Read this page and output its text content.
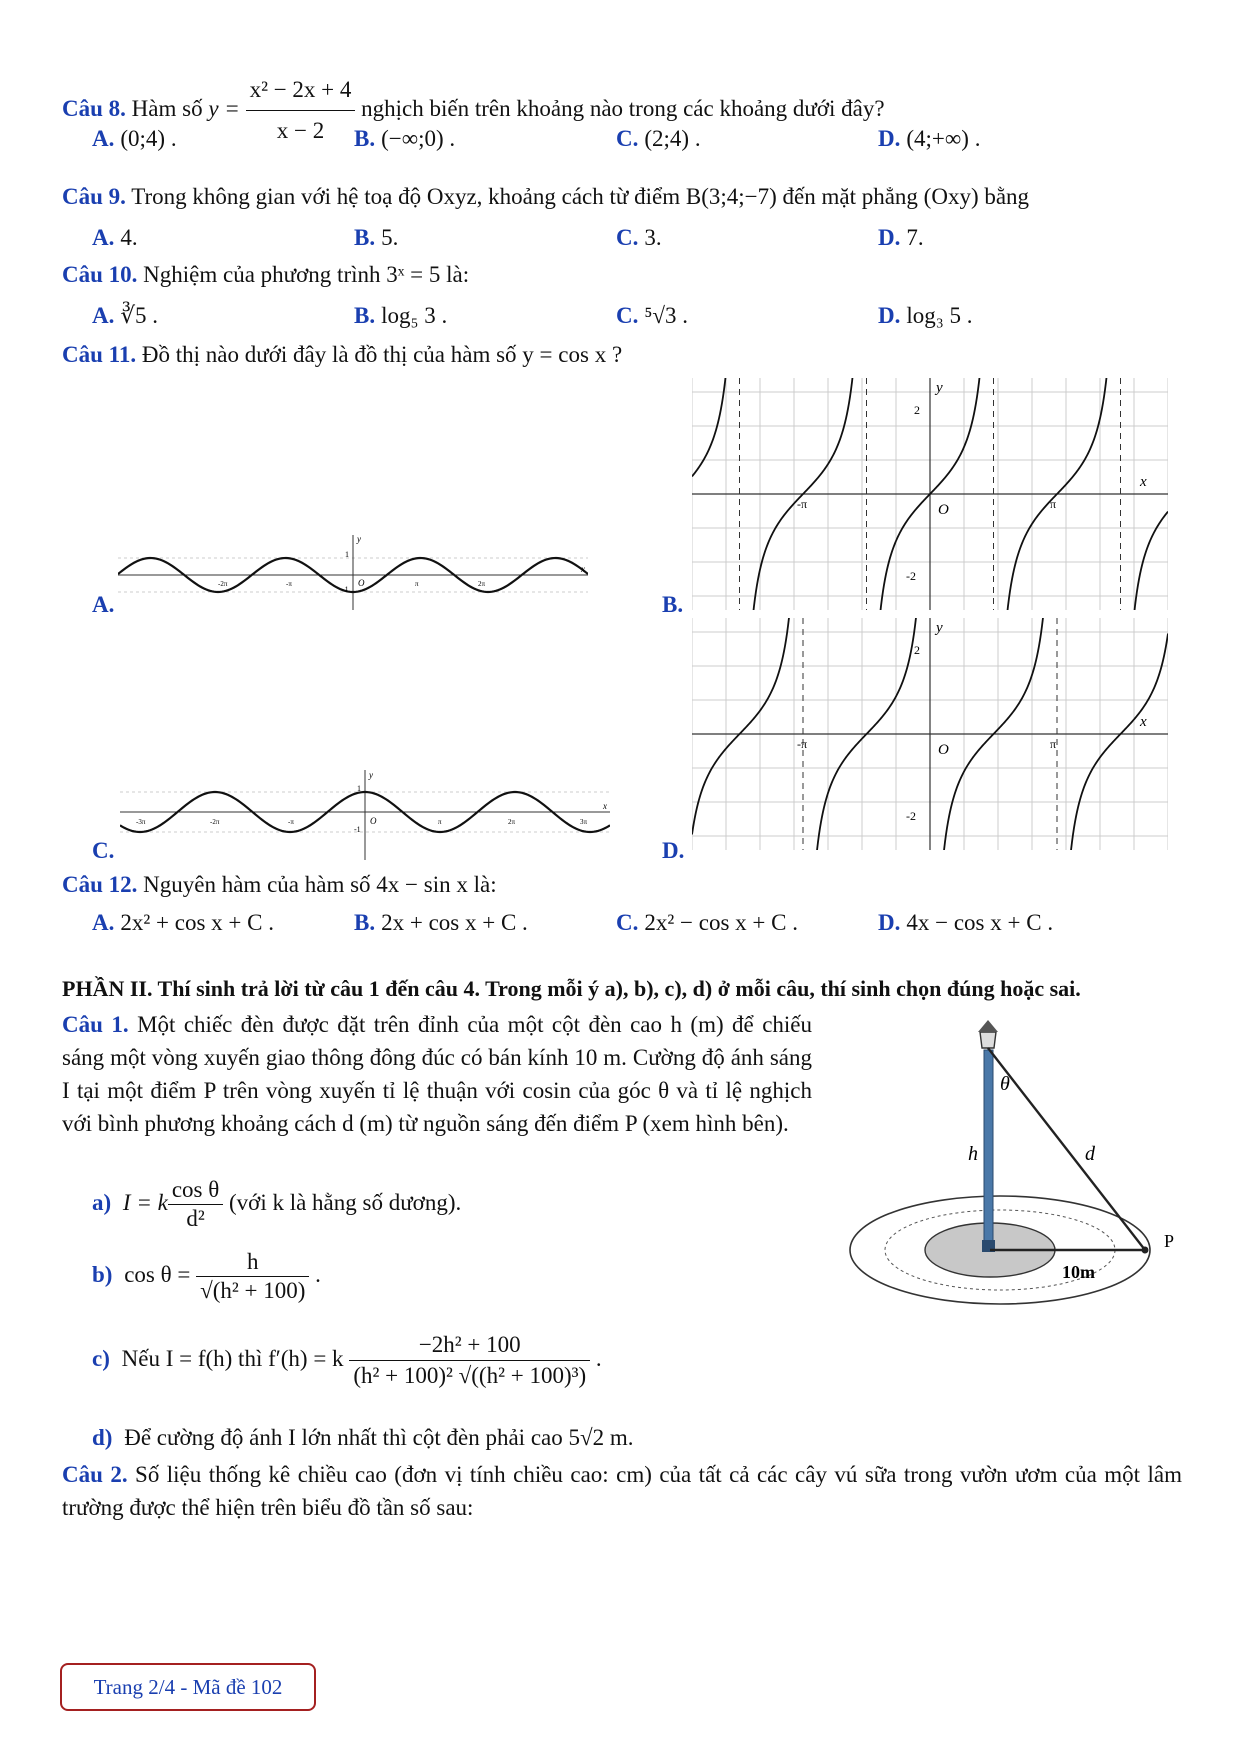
Câu 8. Hàm số $y = \frac{\text{x² − 2x + 4}}{x - 2}$ nghịch biến trên khoảng nào trong các khoảng dưới đây?
A. (0;4) .	B. (−∞;0) .	C. (2;4) .	D. (4;+∞) .
Câu 9. Trong không gian với hệ toạ độ Oxyz, khoảng cách từ điểm B(3;4;−7) đến mặt phẳng (Oxy) bằng
A. 4.	B. 5.	C. 3.	D. 7.
Câu 10. Nghiệm của phương trình 3ˣ = 5 là:
A. ∛5 .	B. log₅ 3 .	C. ⁵√3 .	D. log₃ 5 .
Câu 11. Đồ thị nào dưới đây là đồ thị của hàm số y = cos x ?
-2π	-π	π	2π
O
1
-1
x
y
A.
-3π	-2π	-π	π	2π	3π
O
1
-1
x
y
C.
-π	π
2
-2
O
x
y
B.
-π	π
2
-2
O
x
y
D.
Câu 12. Nguyên hàm của hàm số 4x − sin x là:
A. 2x² + cos x + C .	B. 2x + cos x + C .	C. 2x² − cos x + C .	D. 4x − cos x + C .
PHẦN II. Thí sinh trả lời từ câu 1 đến câu 4. Trong mỗi ý a), b), c), d) ở mỗi câu, thí sinh chọn đúng hoặc sai.
Câu 1. Một chiếc đèn được đặt trên đỉnh của một cột đèn cao h (m) để chiếu sáng một vòng xuyến giao thông đông đúc có bán kính 10 m. Cường độ ánh sáng I tại một điểm P trên vòng xuyến tỉ lệ thuận với cosin của góc θ và tỉ lệ nghịch với bình phương khoảng cách d (m) từ nguồn sáng đến điểm P (xem hình bên).
a) I = k $\frac{\text{cos θ}}{\text{d²}}$ (với k là hằng số dương).
b) $\cos \theta = \frac{h}{\text{√(h² + 100)}}$ .
c) Nếu I = f(h) thì f′(h) = k $\frac{\text{−2h² + 100}}{\text{(h² + 100)² √((h² + 100)³)}}$ .
d) Để cường độ ánh I lớn nhất thì cột đèn phải cao 5√2 m.
θ
h	d
P
10m
Câu 2. Số liệu thống kê chiều cao (đơn vị tính chiều cao: cm) của tất cả các cây vú sữa trong vườn ươm của một lâm trường được thể hiện trên biểu đồ tần số sau:
Trang 2/4 - Mã đề 102
